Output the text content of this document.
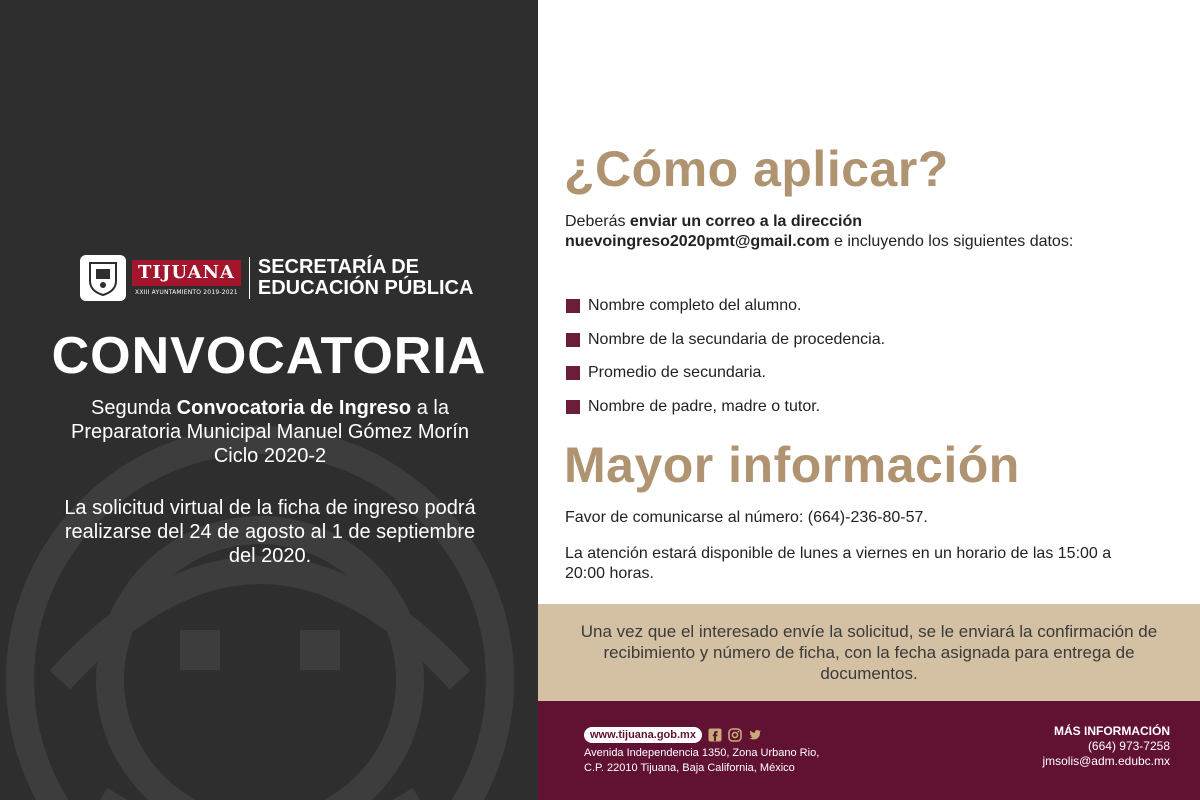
TIJUANA
XXIII AYUNTAMIENTO 2019-2021
SECRETARÍA DE
EDUCACIÓN PÚBLICA
CONVOCATORIA
Segunda Convocatoria de Ingreso a la Preparatoria Municipal Manuel Gómez Morín Ciclo 2020-2
La solicitud virtual de la ficha de ingreso podrá realizarse del 24 de agosto al 1 de septiembre del 2020.
¿Cómo aplicar?
Deberás enviar un correo a la dirección
nuevoingreso2020pmt@gmail.com e incluyendo los siguientes datos:
Nombre completo del alumno.
Nombre de la secundaria de procedencia.
Promedio de secundaria.
Nombre de padre, madre o tutor.
Mayor información
Favor de comunicarse al número: (664)-236-80-57.
La atención estará disponible de lunes a viernes en un horario de las 15:00 a 20:00 horas.

Una vez que el interesado envíe la solicitud, se le enviará la confirmación de recibimiento y número de ficha, con la fecha asignada para entrega de documentos.

www.tijuana.gob.mx
Avenida Independencia 1350, Zona Urbano Rio,
C.P. 22010 Tijuana, Baja California, México
MÁS INFORMACIÓN
(664) 973-7258
jmsolis@adm.edubc.mx
